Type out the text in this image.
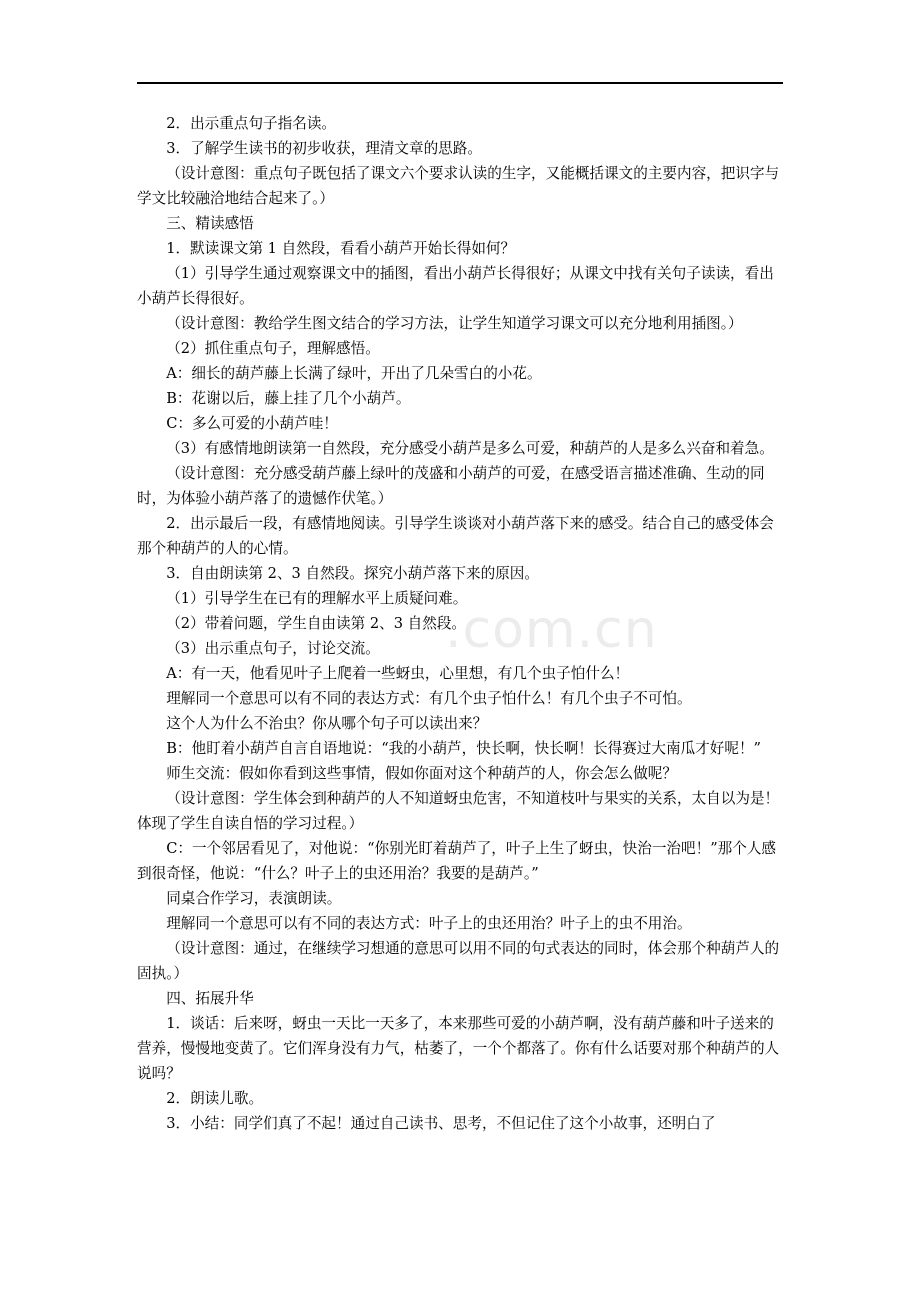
.com.cn

2．出示重点句子指名读。

3．了解学生读书的初步收获，理清文章的思路。

（设计意图：重点句子既包括了课文六个要求认读的生字，又能概括课文的主要内容，把识字与学文比较融洽地结合起来了。）

三、精读感悟

1．默读课文第 1 自然段，看看小葫芦开始长得如何？

（1）引导学生通过观察课文中的插图，看出小葫芦长得很好；从课文中找有关句子读读，看出小葫芦长得很好。

（设计意图：教给学生图文结合的学习方法，让学生知道学习课文可以充分地利用插图。）

（2）抓住重点句子，理解感悟。

A：细长的葫芦藤上长满了绿叶，开出了几朵雪白的小花。

B：花谢以后，藤上挂了几个小葫芦。

C：多么可爱的小葫芦哇！

（3）有感情地朗读第一自然段，充分感受小葫芦是多么可爱，种葫芦的人是多么兴奋和着急。

（设计意图：充分感受葫芦藤上绿叶的茂盛和小葫芦的可爱，在感受语言描述准确、生动的同时，为体验小葫芦落了的遗憾作伏笔。）

2．出示最后一段，有感情地阅读。引导学生谈谈对小葫芦落下来的感受。结合自己的感受体会那个种葫芦的人的心情。

3．自由朗读第 2、3 自然段。探究小葫芦落下来的原因。

（1）引导学生在已有的理解水平上质疑问难。

（2）带着问题，学生自由读第 2、3 自然段。

（3）出示重点句子，讨论交流。

A：有一天，他看见叶子上爬着一些蚜虫，心里想，有几个虫子怕什么！

理解同一个意思可以有不同的表达方式：有几个虫子怕什么！有几个虫子不可怕。

这个人为什么不治虫？你从哪个句子可以读出来？

B：他盯着小葫芦自言自语地说：“我的小葫芦，快长啊，快长啊！长得赛过大南瓜才好呢！”

师生交流：假如你看到这些事情，假如你面对这个种葫芦的人，你会怎么做呢？

（设计意图：学生体会到种葫芦的人不知道蚜虫危害，不知道枝叶与果实的关系，太自以为是！体现了学生自读自悟的学习过程。）

C：一个邻居看见了，对他说：“你别光盯着葫芦了，叶子上生了蚜虫，快治一治吧！”那个人感到很奇怪，他说：“什么？叶子上的虫还用治？我要的是葫芦。”

同桌合作学习，表演朗读。

理解同一个意思可以有不同的表达方式：叶子上的虫还用治？叶子上的虫不用治。

（设计意图：通过，在继续学习想通的意思可以用不同的句式表达的同时，体会那个种葫芦人的固执。）

四、拓展升华

1．谈话：后来呀，蚜虫一天比一天多了，本来那些可爱的小葫芦啊，没有葫芦藤和叶子送来的营养，慢慢地变黄了。它们浑身没有力气，枯萎了，一个个都落了。你有什么话要对那个种葫芦的人说吗？

2．朗读儿歌。

3．小结：同学们真了不起！通过自己读书、思考，不但记住了这个小故事，还明白了
